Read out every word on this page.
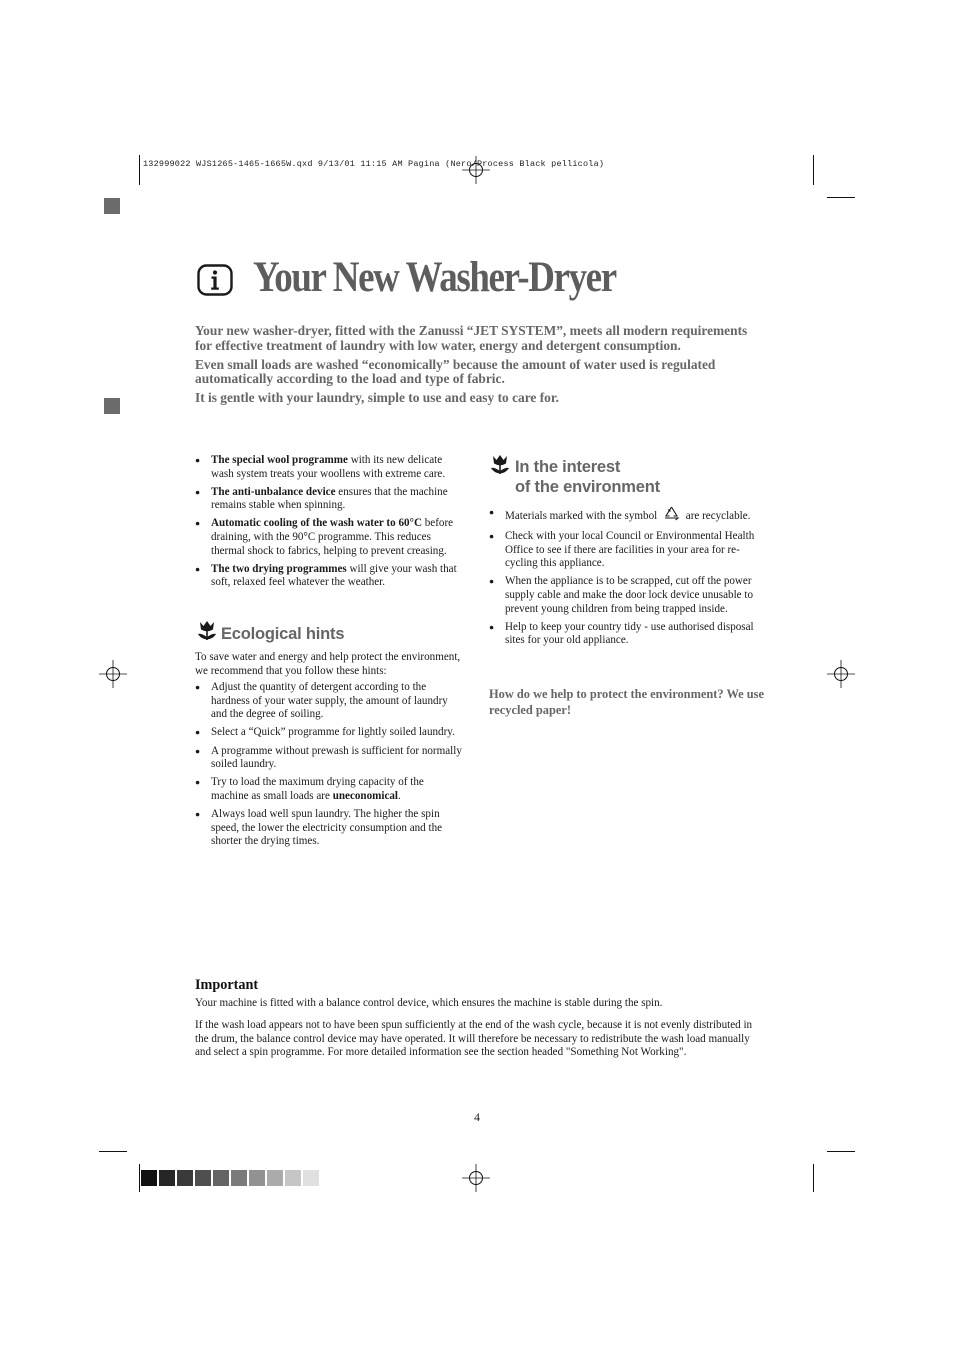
132999022 WJS1265-1465-1665W.qxd 9/13/01 11:15 AM Pagina (Nero/Process Black pellicola)
Your New Washer-Dryer

Your new washer-dryer, fitted with the Zanussi “JET SYSTEM”, meets all modern requirements for effective treatment of laundry with low water, energy and detergent consumption.

Even small loads are washed “economically” because the amount of water used is regulated automatically according to the load and type of fabric.

It is gentle with your laundry, simple to use and easy to care for.

● The special wool programme with its new delicate wash system treats your woollens with extreme care.
● The anti-unbalance device ensures that the machine remains stable when spinning.
● Automatic cooling of the wash water to 60°C before draining, with the 90°C programme. This reduces thermal shock to fabrics, helping to prevent creasing.
● The two drying programmes will give your wash that soft, relaxed feel whatever the weather.
Ecological hints
To save water and energy and help protect the environment, we recommend that you follow these hints:
● Adjust the quantity of detergent according to the hardness of your water supply, the amount of laundry and the degree of soiling.
● Select a “Quick” programme for lightly soiled laundry.
● A programme without prewash is sufficient for normally soiled laundry.
● Try to load the maximum drying capacity of the machine as small loads are uneconomical.
● Always load well spun laundry. The higher the spin speed, the lower the electricity consumption and the shorter the drying times.
In the interest
of the environment
● Materials marked with the symbol	are recyclable.
● Check with your local Council or Environmental Health Office to see if there are facilities in your area for re-cycling this appliance.
● When the appliance is to be scrapped, cut off the power supply cable and make the door lock device unusable to prevent young children from being trapped inside.
● Help to keep your country tidy - use authorised disposal sites for your old appliance.
How do we help to protect the environment? We use recycled paper!
Important

Your machine is fitted with a balance control device, which ensures the machine is stable during the spin.

If the wash load appears not to have been spun sufficiently at the end of the wash cycle, because it is not evenly distributed in the drum, the balance control device may have operated. It will therefore be necessary to redistribute the wash load manually and select a spin programme. For more detailed information see the section headed "Something Not Working".

4
